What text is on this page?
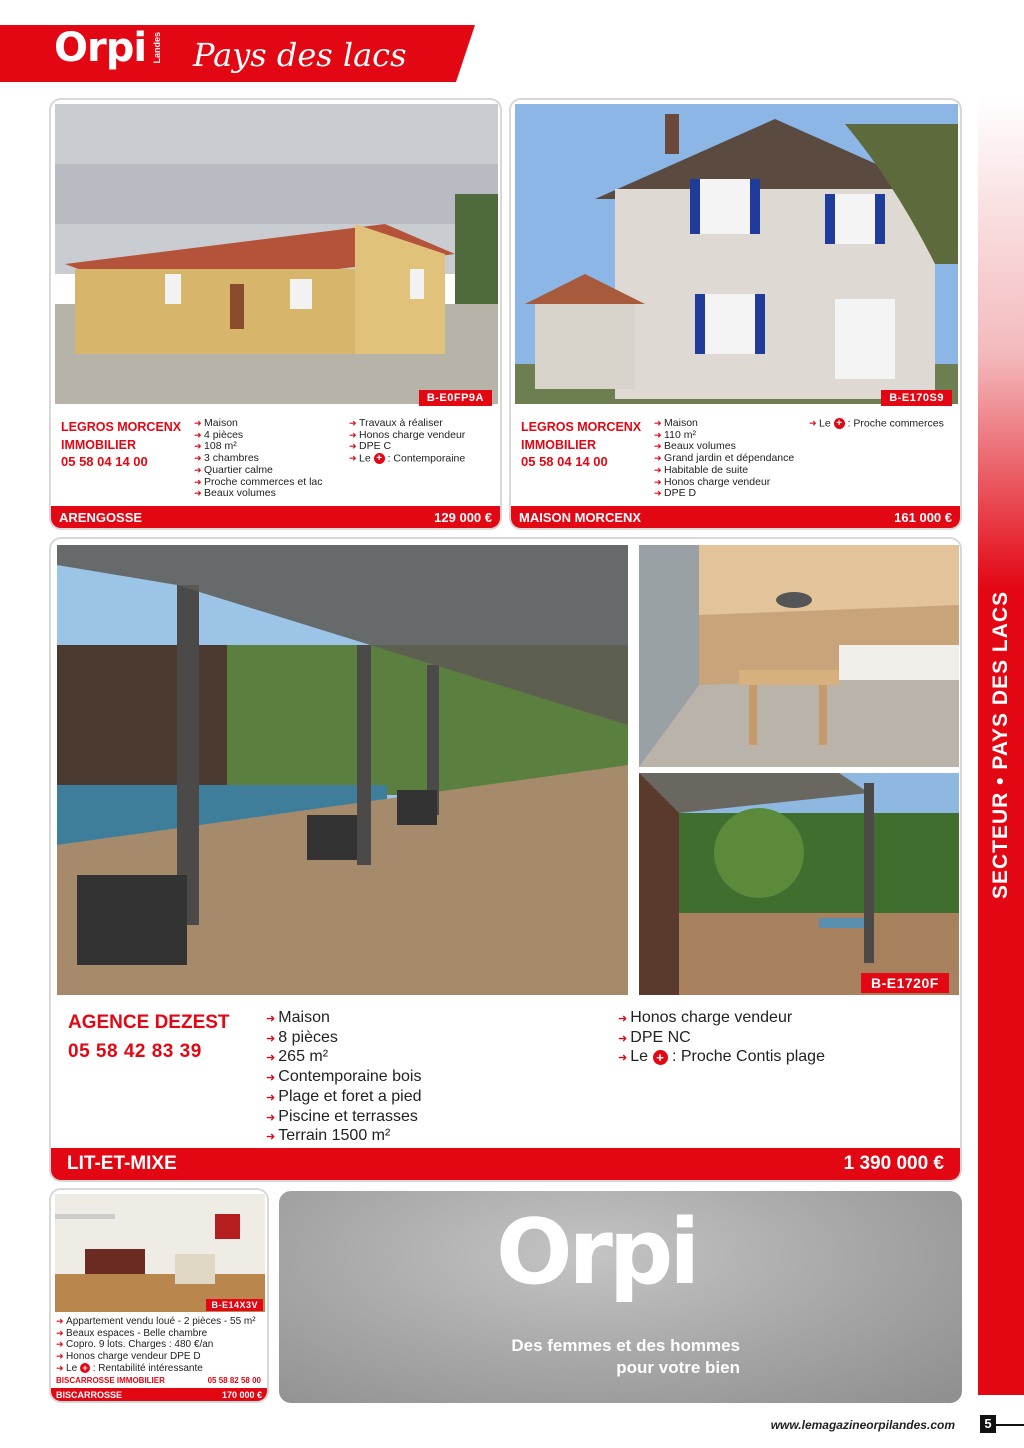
Orpi Landes Pays des lacs
SECTEUR • PAYS DES LACS
B-E0FP9A
LEGROS MORCENX IMMOBILIER
05 58 04 14 00
➜ Maison
➜ 4 pièces
➜ 108 m²
➜ 3 chambres
➜ Quartier calme
➜ Proche commerces et lac
➜ Beaux volumes
➜ Travaux à réaliser
➜ Honos charge vendeur
➜ DPE C
➜ Le + : Contemporaine
ARENGOSSE	129 000 €
B-E170S9
LEGROS MORCENX IMMOBILIER
05 58 04 14 00
➜ Maison
➜ 110 m²
➜ Beaux volumes
➜ Grand jardin et dépendance
➜ Habitable de suite
➜ Honos charge vendeur
➜ DPE D
➜ Le + : Proche commerces
MAISON MORCENX	161 000 €
B-E1720F
AGENCE DEZEST
05 58 42 83 39
➜ Maison
➜ 8 pièces
➜ 265 m²
➜ Contemporaine bois
➜ Plage et foret a pied
➜ Piscine et terrasses
➜ Terrain 1500 m²
➜ Honos charge vendeur
➜ DPE NC
➜ Le + : Proche Contis plage
LIT-ET-MIXE	1 390 000 €
B-E14X3V
➜ Appartement vendu loué - 2 pièces - 55 m²
➜ Beaux espaces - Belle chambre
➜ Copro. 9 lots. Charges : 480 €/an
➜ Honos charge vendeur DPE D
➜ Le + : Rentabilité intéressante
BISCARROSSE IMMOBILIER	05 58 82 58 00
BISCARROSSE	170 000 €
Orpi
Des femmes et des hommes
pour votre bien
www.lemagazineorpilandes.com	5
